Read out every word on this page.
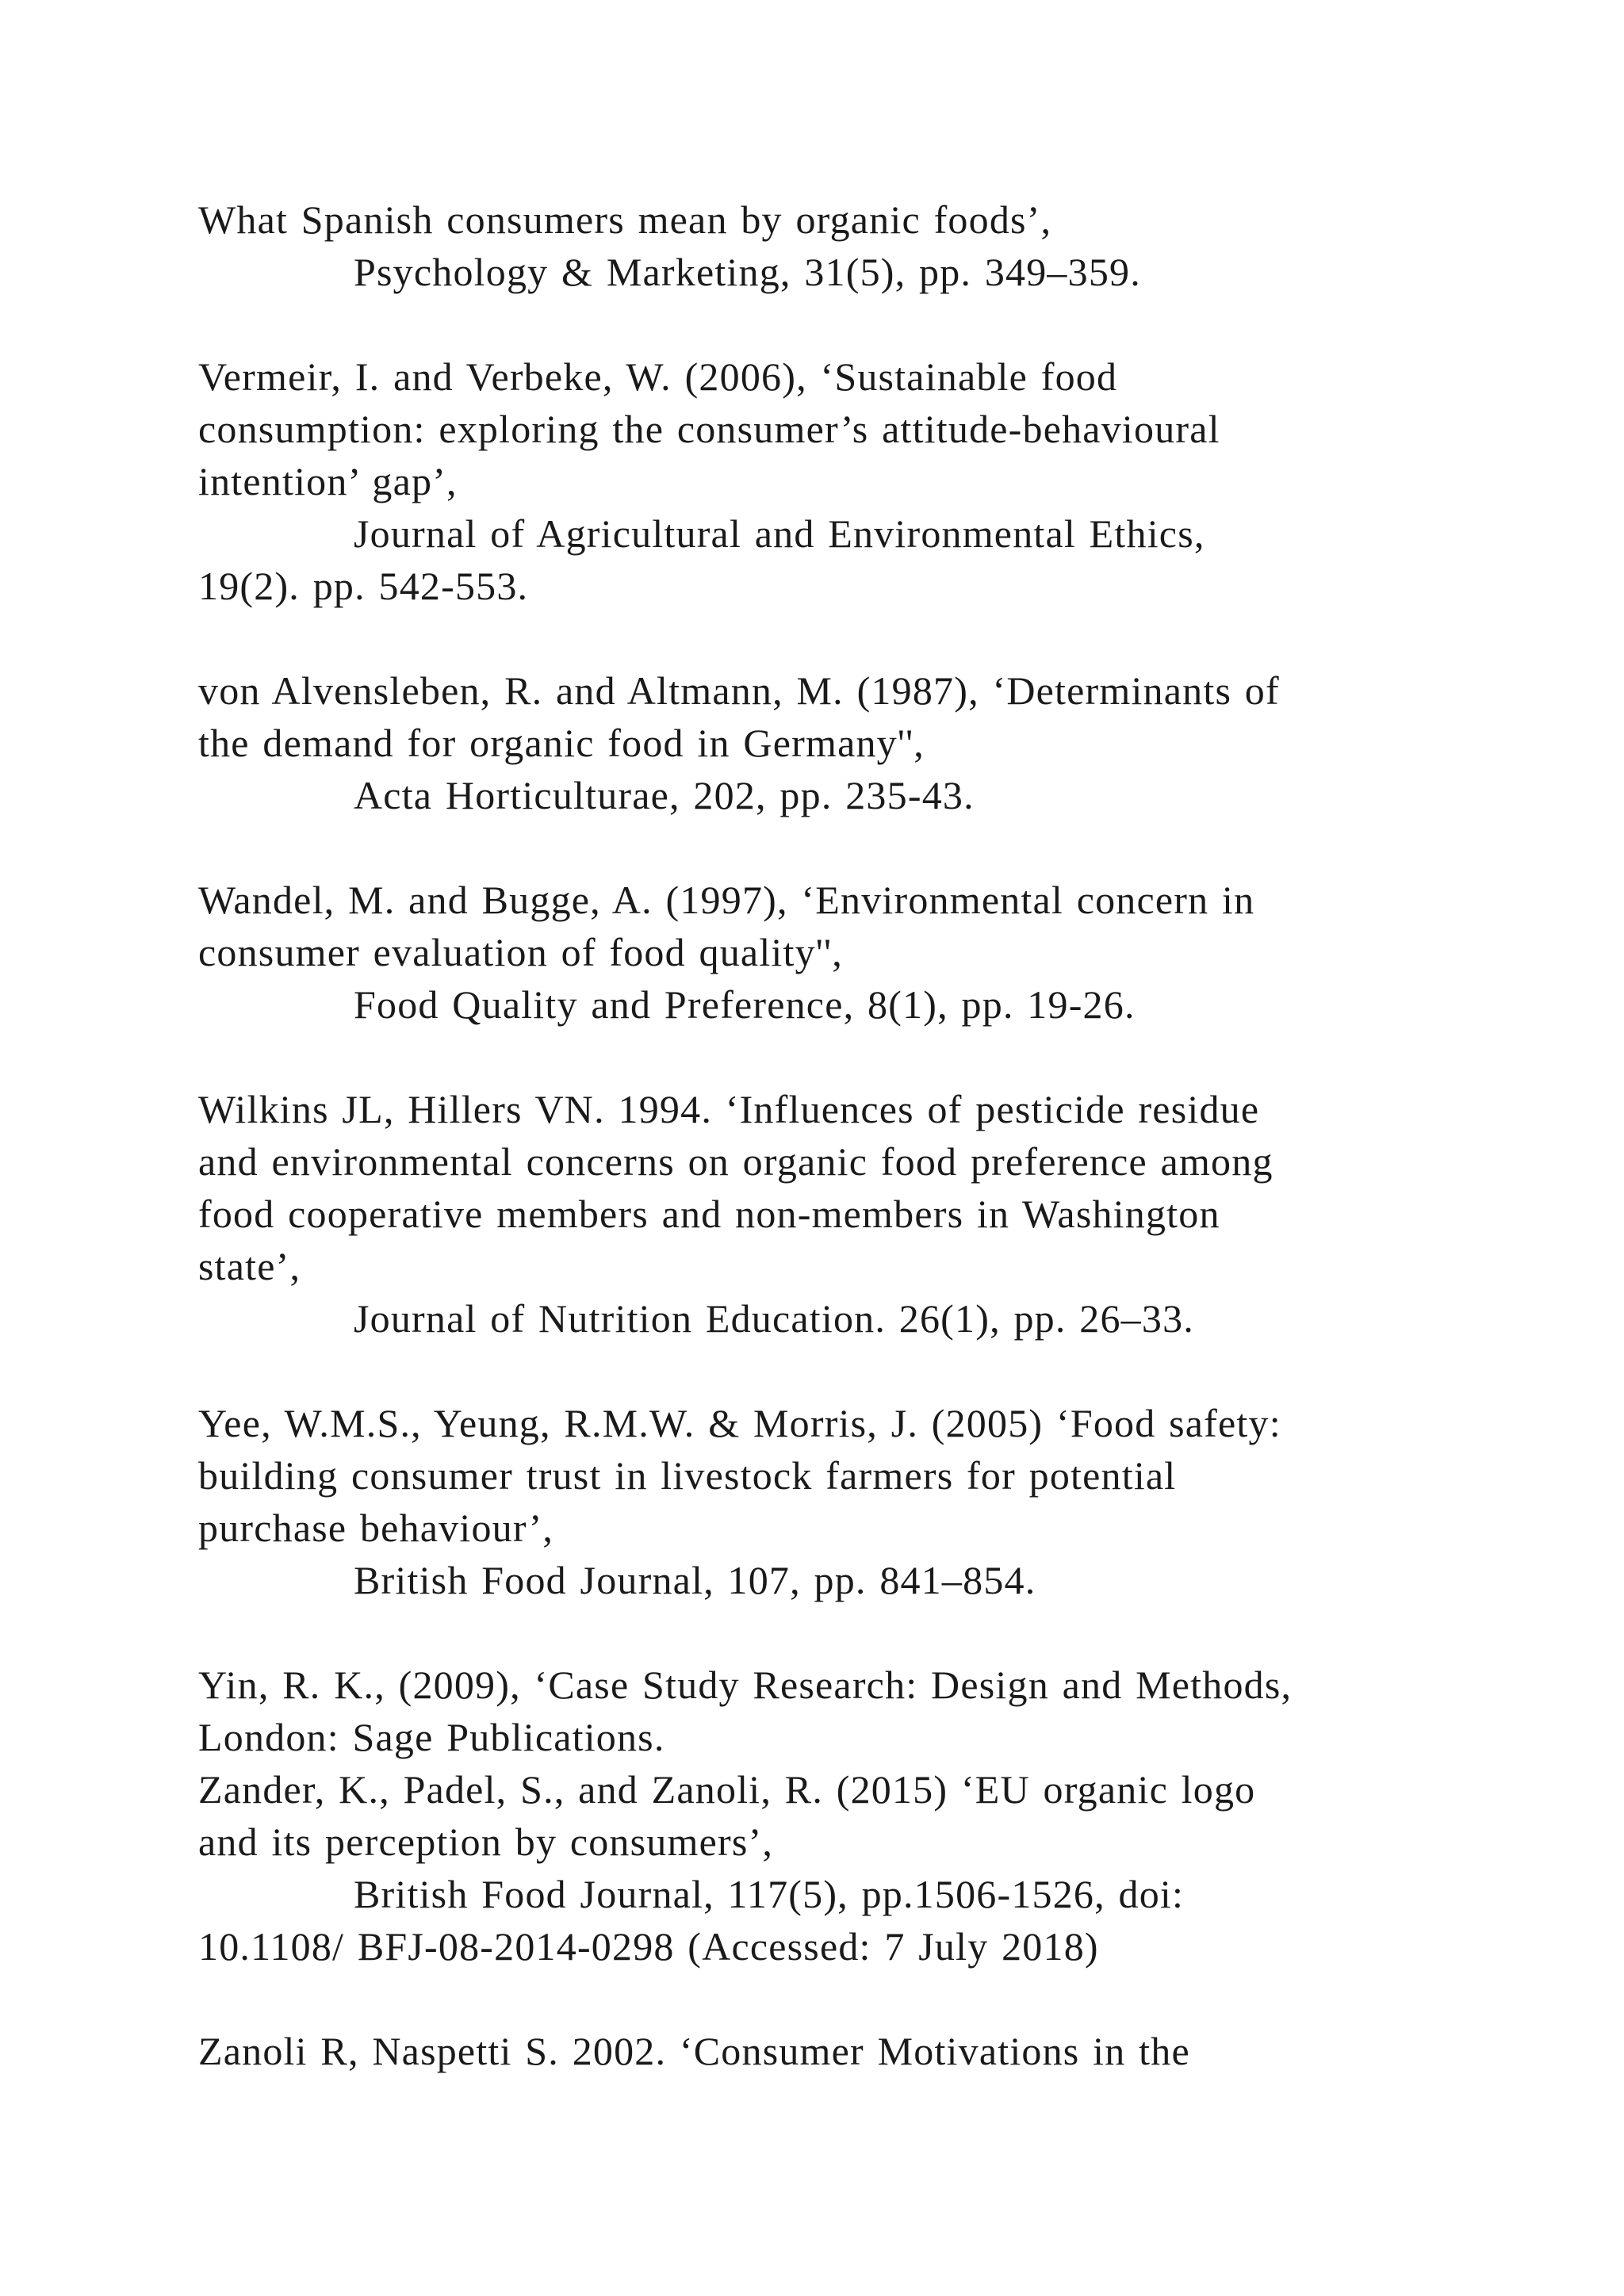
What Spanish consumers mean by organic foods’,
Psychology & Marketing, 31(5), pp. 349–359.
Vermeir, I. and Verbeke, W. (2006), ‘Sustainable food
consumption: exploring the consumer’s attitude-behavioural
intention’ gap’,
Journal of Agricultural and Environmental Ethics,
19(2). pp. 542-553.
von Alvensleben, R. and Altmann, M. (1987), ‘Determinants of
the demand for organic food in Germany'',
Acta Horticulturae, 202, pp. 235-43.
Wandel, M. and Bugge, A. (1997), ‘Environmental concern in
consumer evaluation of food quality'',
Food Quality and Preference, 8(1), pp. 19-26.
Wilkins JL, Hillers VN. 1994. ‘Influences of pesticide residue
and environmental concerns on organic food preference among
food cooperative members and non-members in Washington
state’,
Journal of Nutrition Education. 26(1), pp. 26–33.
Yee, W.M.S., Yeung, R.M.W. & Morris, J. (2005) ‘Food safety:
building consumer trust in livestock farmers for potential
purchase behaviour’,
British Food Journal, 107, pp. 841–854.
Yin, R. K., (2009), ‘Case Study Research: Design and Methods,
London: Sage Publications.
Zander, K., Padel, S., and Zanoli, R. (2015) ‘EU organic logo
and its perception by consumers’,
British Food Journal, 117(5), pp.1506-1526, doi:
10.1108/ BFJ-08-2014-0298 (Accessed: 7 July 2018)
Zanoli R, Naspetti S. 2002. ‘Consumer Motivations in the
